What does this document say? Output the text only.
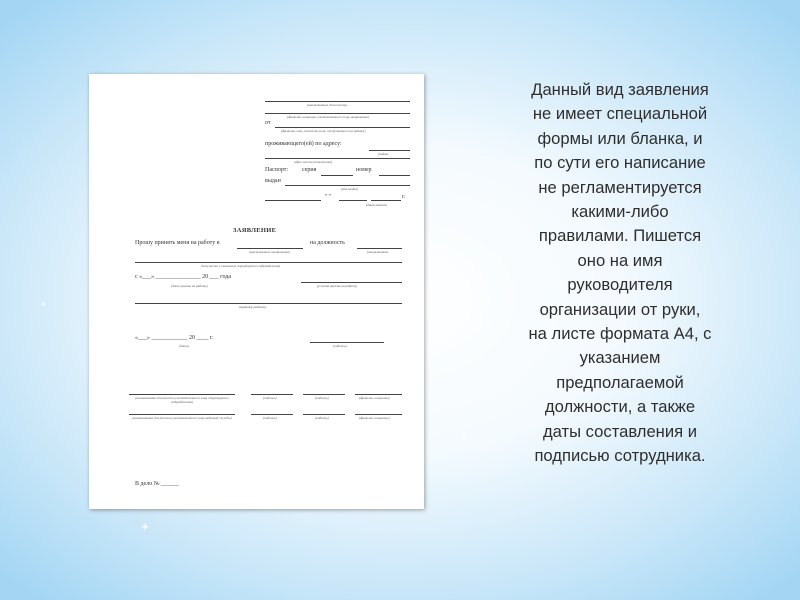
(наименование должности)
(фамилия, инициалы уполномоченного лица организации)
от
(фамилия, имя, отчество лица, поступающего на работу)
проживающего(ей) по адресу:
(индекс
адрес местожительства)
Паспорт: серия	номер
выдан
(кем выдан)
" "	г.
(дата выдачи)
ЗАЯВЛЕНИЕ
Прошу принять меня на работу в	на должность
(наименование организации)	(наименование
должности с указанием структурного подразделения)
с «___» _______________ 20 ___ года
(дата приема на работу)	(условия приема на работу)
характер работы)
«___» ____________ 20 ____ г.
(дата)	(подпись)
(наименование должности уполномоченного лица структурного подразделения)
(подпись)	(подпись)	(фамилия, инициалы)
(наименование должности уполномоченного лица кадровой службы)	(подпись)	(подпись)	(фамилия, инициалы)
В дело № ______
Данный вид заявления
не имеет специальной
формы или бланка, и
по сути его написание
не регламентируется
какими-либо
правилами. Пишется
оно на имя
руководителя
организации от руки,
на листе формата А4, с
указанием
предполагаемой
должности, а также
даты составления и
подписью сотрудника.
✦
✦
✦
